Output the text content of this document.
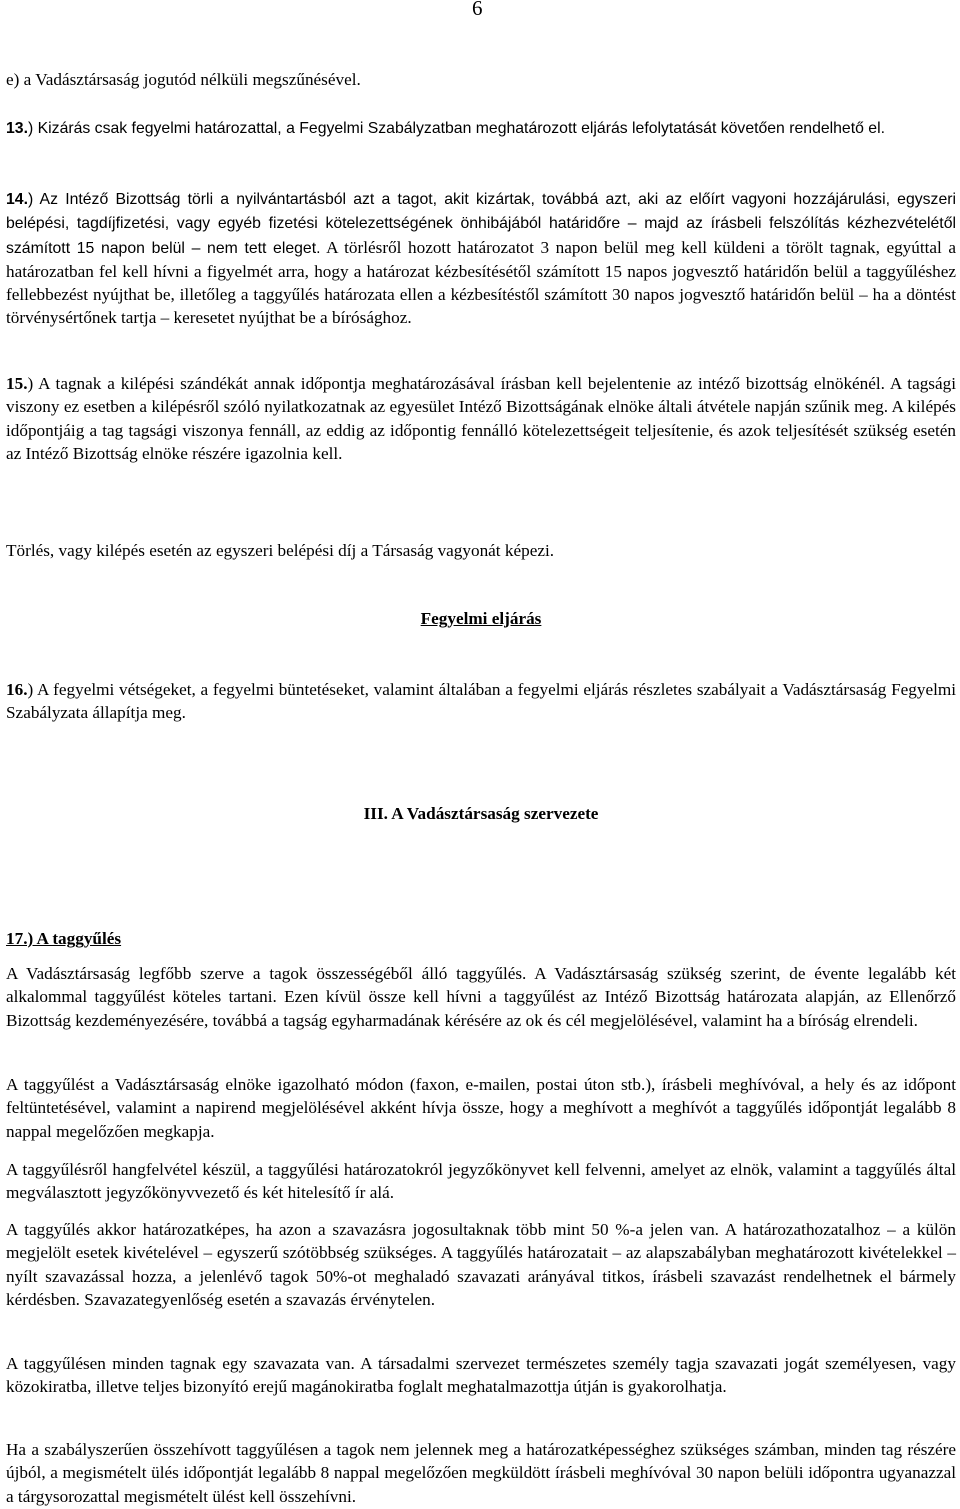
6

e) a Vadásztársaság jogutód nélküli megszűnésével.

13.) Kizárás csak fegyelmi határozattal, a Fegyelmi Szabályzatban meghatározott eljárás lefolytatását követően rendelhető el.

14.) Az Intéző Bizottság törli a nyilvántartásból azt a tagot, akit kizártak, továbbá azt, aki az előírt vagyoni hozzájárulási, egyszeri belépési, tagdíjfizetési, vagy egyéb fizetési kötelezettségének önhibájából határidőre – majd az írásbeli felszólítás kézhezvételétől számított 15 napon belül – nem tett eleget. A törlésről hozott határozatot 3 napon belül meg kell küldeni a törölt tagnak, egyúttal a határozatban fel kell hívni a figyelmét arra, hogy a határozat kézbesítésétől számított 15 napos jogvesztő határidőn belül a taggyűléshez fellebbezést nyújthat be, illetőleg a taggyűlés határozata ellen a kézbesítéstől számított 30 napos jogvesztő határidőn belül – ha a döntést törvénysértőnek tartja – keresetet nyújthat be a bírósághoz.

15.) A tagnak a kilépési szándékát annak időpontja meghatározásával írásban kell bejelentenie az intéző bizottság elnökénél. A tagsági viszony ez esetben a kilépésről szóló nyilatkozatnak az egyesület Intéző Bizottságának elnöke általi átvétele napján szűnik meg. A kilépés időpontjáig a tag tagsági viszonya fennáll, az eddig az időpontig fennálló kötelezettségeit teljesítenie, és azok teljesítését szükség esetén az Intéző Bizottság elnöke részére igazolnia kell.

Törlés, vagy kilépés esetén az egyszeri belépési díj a Társaság vagyonát képezi.

Fegyelmi eljárás

16.) A fegyelmi vétségeket, a fegyelmi büntetéseket, valamint általában a fegyelmi eljárás részletes szabályait a Vadásztársaság Fegyelmi Szabályzata állapítja meg.

III. A Vadásztársaság szervezete

17.) A taggyűlés

A Vadásztársaság legfőbb szerve a tagok összességéből álló taggyűlés. A Vadásztársaság szükség szerint, de évente legalább két alkalommal taggyűlést köteles tartani. Ezen kívül össze kell hívni a taggyűlést az Intéző Bizottság határozata alapján, az Ellenőrző Bizottság kezdeményezésére, továbbá a tagság egyharmadának kérésére az ok és cél megjelölésével, valamint ha a bíróság elrendeli.

A taggyűlést a Vadásztársaság elnöke igazolható módon (faxon, e-mailen, postai úton stb.), írásbeli meghívóval, a hely és az időpont feltüntetésével, valamint a napirend megjelölésével akként hívja össze, hogy a meghívott a meghívót a taggyűlés időpontját legalább 8 nappal megelőzően megkapja.

A taggyűlésről hangfelvétel készül, a taggyűlési határozatokról jegyzőkönyvet kell felvenni, amelyet az elnök, valamint a taggyűlés által megválasztott jegyzőkönyvvezető és két hitelesítő ír alá.

A taggyűlés akkor határozatképes, ha azon a szavazásra jogosultaknak több mint 50 %-a jelen van. A határozathozatalhoz – a külön megjelölt esetek kivételével – egyszerű szótöbbség szükséges. A taggyűlés határozatait – az alapszabályban meghatározott kivételekkel – nyílt szavazással hozza, a jelenlévő tagok 50%-ot meghaladó szavazati arányával titkos, írásbeli szavazást rendelhetnek el bármely kérdésben. Szavazategyenlőség esetén a szavazás érvénytelen.

A taggyűlésen minden tagnak egy szavazata van. A társadalmi szervezet természetes személy tagja szavazati jogát személyesen, vagy közokiratba, illetve teljes bizonyító erejű magánokiratba foglalt meghatalmazottja útján is gyakorolhatja.

Ha a szabályszerűen összehívott taggyűlésen a tagok nem jelennek meg a határozatképességhez szükséges számban, minden tag részére újból, a megismételt ülés időpontját legalább 8 nappal megelőzően megküldött írásbeli meghívóval 30 napon belüli időpontra ugyanazzal a tárgysorozattal megismételt ülést kell összehívni.
